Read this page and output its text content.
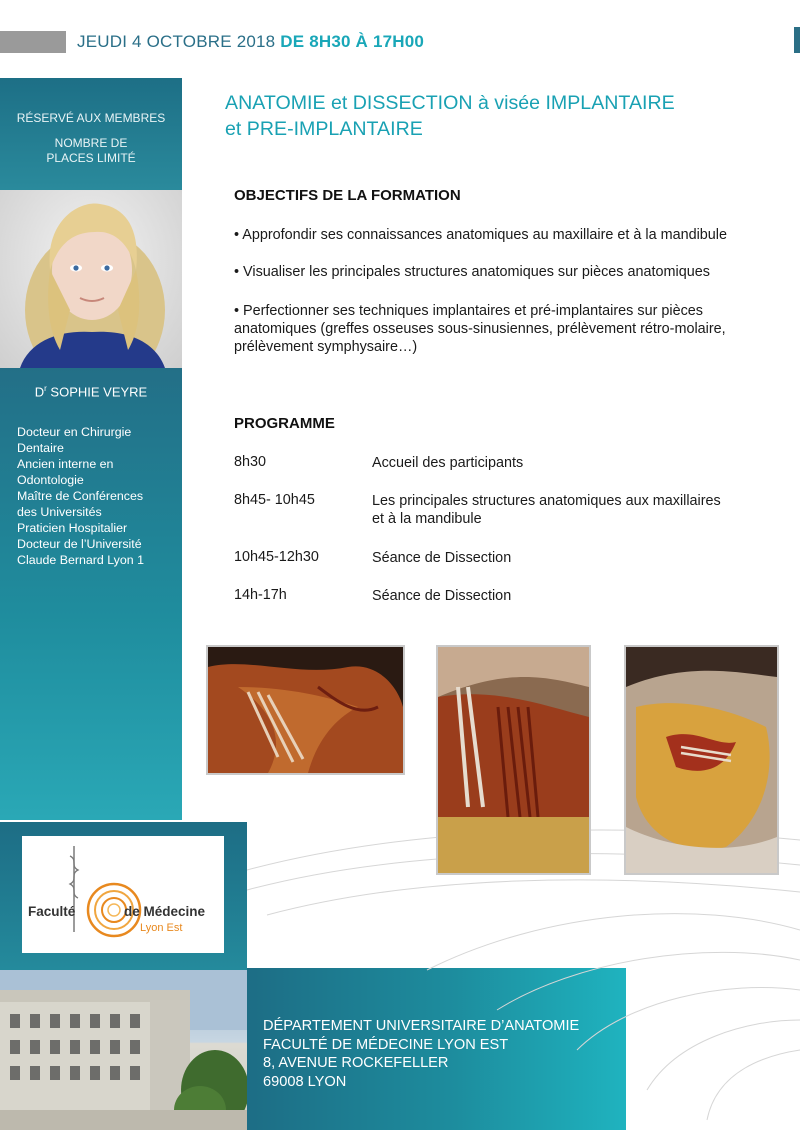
JEUDI 4 OCTOBRE 2018 DE 8H30 À 17H00
RÉSERVÉ AUX MEMBRES
NOMBRE DE
PLACES LIMITÉ
$D^r$ SOPHIE VEYRE
Docteur en Chirurgie
Dentaire
Ancien interne en
Odontologie
Maître de Conférences
des Universités
Praticien Hospitalier
Docteur de l’Université
Claude Bernard Lyon 1
Faculté	de Médecine
Lyon Est
DÉPARTEMENT UNIVERSITAIRE D’ANATOMIE
FACULTÉ DE MÉDECINE LYON EST
8, AVENUE ROCKEFELLER
69008 LYON
ANATOMIE et DISSECTION à visée IMPLANTAIRE
et PRE-IMPLANTAIRE
OBJECTIFS DE LA FORMATION
• Approfondir ses connaissances anatomiques au maxillaire et à la mandibule
• Visualiser les principales structures anatomiques sur pièces anatomiques
• Perfectionner ses techniques implantaires et pré-implantaires sur pièces
anatomiques (greffes osseuses sous-sinusiennes, prélèvement rétro-molaire,
prélèvement symphysaire…)
PROGRAMME
8h30	Accueil des participants
8h45- 10h45	Les principales structures anatomiques aux maxillaires
et à la mandibule
10h45-12h30	Séance de Dissection
14h-17h	Séance de Dissection
